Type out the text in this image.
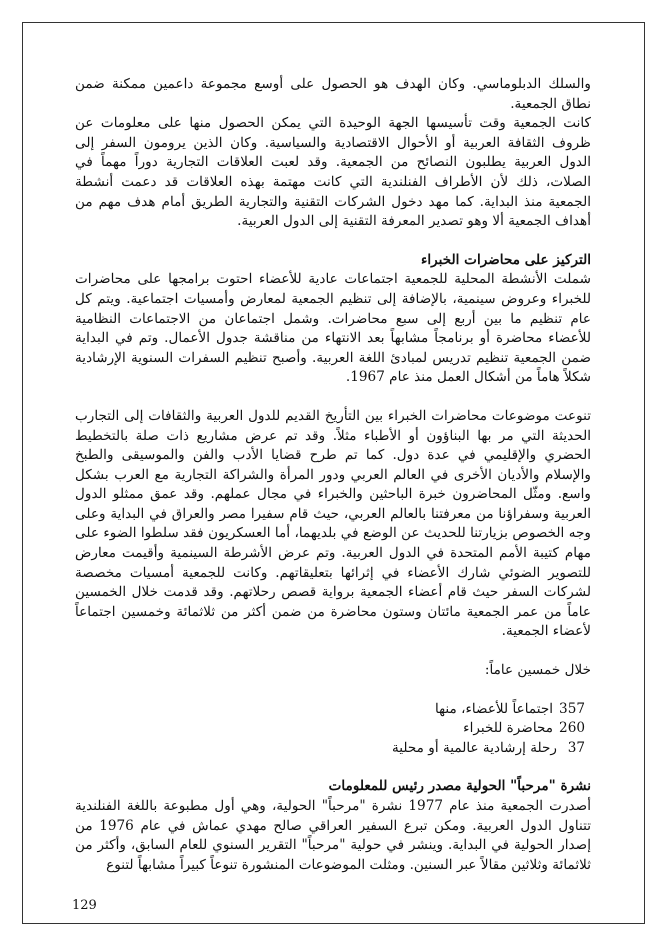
والسلك الدبلوماسي. وكان الهدف هو الحصول على أوسع مجموعة داعمين ممكنة ضمن نطاق الجمعية.

كانت الجمعية وقت تأسيسها الجهة الوحيدة التي يمكن الحصول منها على معلومات عن ظروف الثقافة العربية أو الأحوال الاقتصادية والسياسية. وكان الذين يرومون السفر إلى الدول العربية يطلبون النصائح من الجمعية. وقد لعبت العلاقات التجارية دوراً مهماً في الصلات، ذلك لأن الأطراف الفنلندية التي كانت مهتمة بهذه العلاقات قد دعمت أنشطة الجمعية منذ البداية. كما مهد دخول الشركات التقنية والتجارية الطريق أمام هدف مهم من أهداف الجمعية ألا وهو تصدير المعرفة التقنية إلى الدول العربية.

التركيز على محاضرات الخبراء

شملت الأنشطة المحلية للجمعية اجتماعات عادية للأعضاء احتوت برامجها على محاضرات للخبراء وعروض سينمية، بالإضافة إلى تنظيم الجمعية لمعارض وأمسيات اجتماعية. ويتم كل عام تنظيم ما بين أربع إلى سبع محاضرات. وشمل اجتماعان من الاجتماعات النظامية للأعضاء محاضرة أو برنامجاً مشابهاً بعد الانتهاء من مناقشة جدول الأعمال. وتم في البداية ضمن الجمعية تنظيم تدريس لمبادئ اللغة العربية. وأصبح تنظيم السفرات السنوية الإرشادية شكلاً هاماً من أشكال العمل منذ عام 1967.

تنوعت موضوعات محاضرات الخبراء بين التأريخ القديم للدول العربية والثقافات إلى التجارب الحديثة التي مر بها البناؤون أو الأطباء مثلاً. وقد تم عرض مشاريع ذات صلة بالتخطيط الحضري والإقليمي في عدة دول. كما تم طرح قضايا الأدب والفن والموسيقى والطبخ والإسلام والأديان الأخرى في العالم العربي ودور المرأة والشراكة التجارية مع العرب بشكل واسع. ومثّل المحاضرون خبرة الباحثين والخبراء في مجال عملهم. وقد عمق ممثلو الدول العربية وسفراؤنا من معرفتنا بالعالم العربي، حيث قام سفيرا مصر والعراق في البداية وعلى وجه الخصوص بزيارتنا للحديث عن الوضع في بلديهما، أما العسكريون فقد سلطوا الضوء على مهام كتيبة الأمم المتحدة في الدول العربية. وتم عرض الأشرطة السينمية وأقيمت معارض للتصوير الضوئي شارك الأعضاء في إثرائها بتعليقاتهم. وكانت للجمعية أمسيات مخصصة لشركات السفر حيث قام أعضاء الجمعية برواية قصص رحلاتهم. وقد قدمت خلال الخمسين عاماً من عمر الجمعية مائتان وستون محاضرة من ضمن أكثر من ثلاثمائة وخمسين اجتماعاً لأعضاء الجمعية.

خلال خمسين عاماً:

357
اجتماعاً للأعضاء، منها
260
محاضرة للخبراء
37
رحلة إرشادية عالمية أو محلية

نشرة "مرحباً" الحولية مصدر رئيس للمعلومات

أصدرت الجمعية منذ عام 1977 نشرة "مرحباً" الحولية، وهي أول مطبوعة باللغة الفنلندية تتناول الدول العربية. ومكن تبرع السفير العراقي صالح مهدي عماش في عام 1976 من إصدار الحولية في البداية. وينشر في حولية "مرحباً" التقرير السنوي للعام السابق، وأكثر من ثلاثمائة وثلاثين مقالاً عبر السنين. ومثلت الموضوعات المنشورة تنوعاً كبيراً مشابهاً لتنوع

129
